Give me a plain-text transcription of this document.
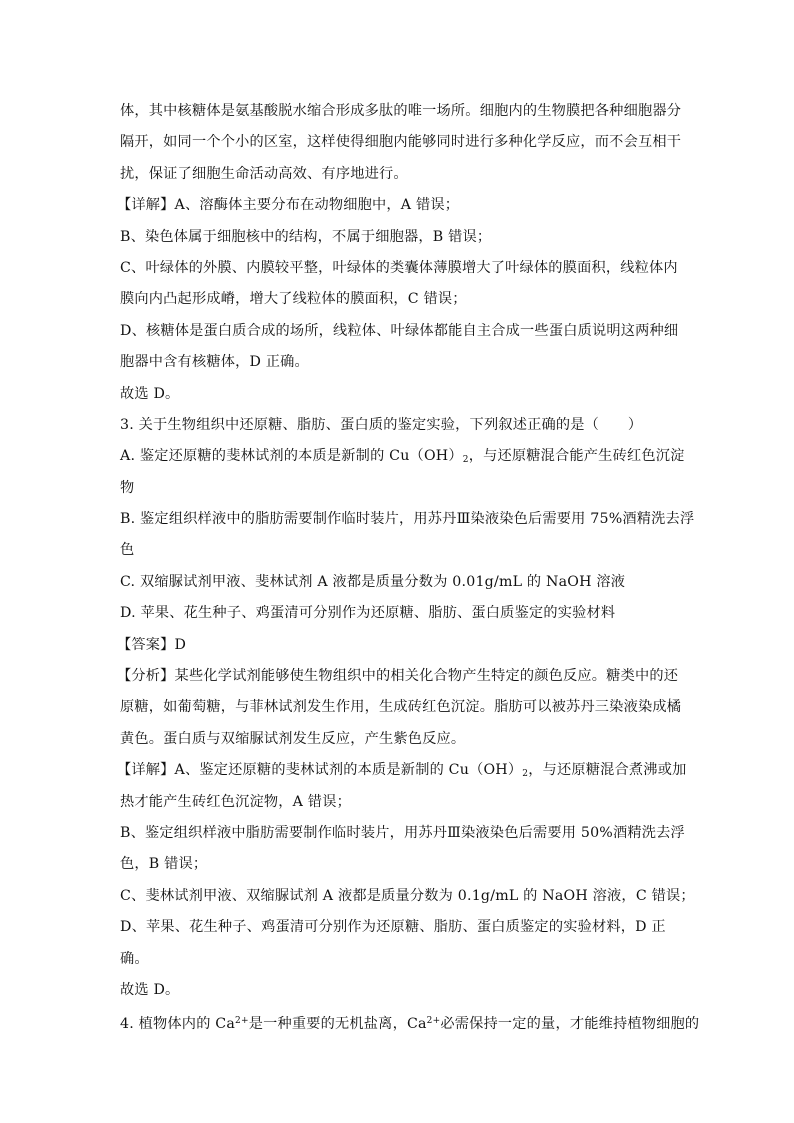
体，其中核糖体是氨基酸脱水缩合形成多肽的唯一场所。细胞内的生物膜把各种细胞器分
隔开，如同一个个小的区室，这样使得细胞内能够同时进行多种化学反应，而不会互相干
扰，保证了细胞生命活动高效、有序地进行。
【详解】A、溶酶体主要分布在动物细胞中，A 错误；
B、染色体属于细胞核中的结构，不属于细胞器，B 错误；
C、叶绿体的外膜、内膜较平整，叶绿体的类囊体薄膜增大了叶绿体的膜面积，线粒体内
膜向内凸起形成嵴，增大了线粒体的膜面积，C 错误；
D、核糖体是蛋白质合成的场所，线粒体、叶绿体都能自主合成一些蛋白质说明这两种细
胞器中含有核糖体，D 正确。
故选 D。
3. 关于生物组织中还原糖、脂肪、蛋白质的鉴定实验，下列叙述正确的是（　　）
A. 鉴定还原糖的斐林试剂的本质是新制的 $Cu(OH)_2$，与还原糖混合能产生砖红色沉淀
物
B. 鉴定组织样液中的脂肪需要制作临时装片，用苏丹Ⅲ染液染色后需要用 75%酒精洗去浮
色
C. 双缩脲试剂甲液、斐林试剂 A 液都是质量分数为 0.01g/mL 的 NaOH 溶液
D. 苹果、花生种子、鸡蛋清可分别作为还原糖、脂肪、蛋白质鉴定的实验材料
【答案】D
【分析】某些化学试剂能够使生物组织中的相关化合物产生特定的颜色反应。糖类中的还
原糖，如葡萄糖，与菲林试剂发生作用，生成砖红色沉淀。脂肪可以被苏丹三染液染成橘
黄色。蛋白质与双缩脲试剂发生反应，产生紫色反应。
【详解】A、鉴定还原糖的斐林试剂的本质是新制的 $Cu(OH)_2$，与还原糖混合煮沸或加
热才能产生砖红色沉淀物，A 错误；
B、鉴定组织样液中脂肪需要制作临时装片，用苏丹Ⅲ染液染色后需要用 50%酒精洗去浮
色，B 错误；
C、斐林试剂甲液、双缩脲试剂 A 液都是质量分数为 0.1g/mL 的 NaOH 溶液，C 错误；
D、苹果、花生种子、鸡蛋清可分别作为还原糖、脂肪、蛋白质鉴定的实验材料，D 正
确。
故选 D。
4. 植物体内的 $Ca^{2+}$是一种重要的无机盐离，$Ca^{2+}$必需保持一定的量，才能维持植物细胞的
